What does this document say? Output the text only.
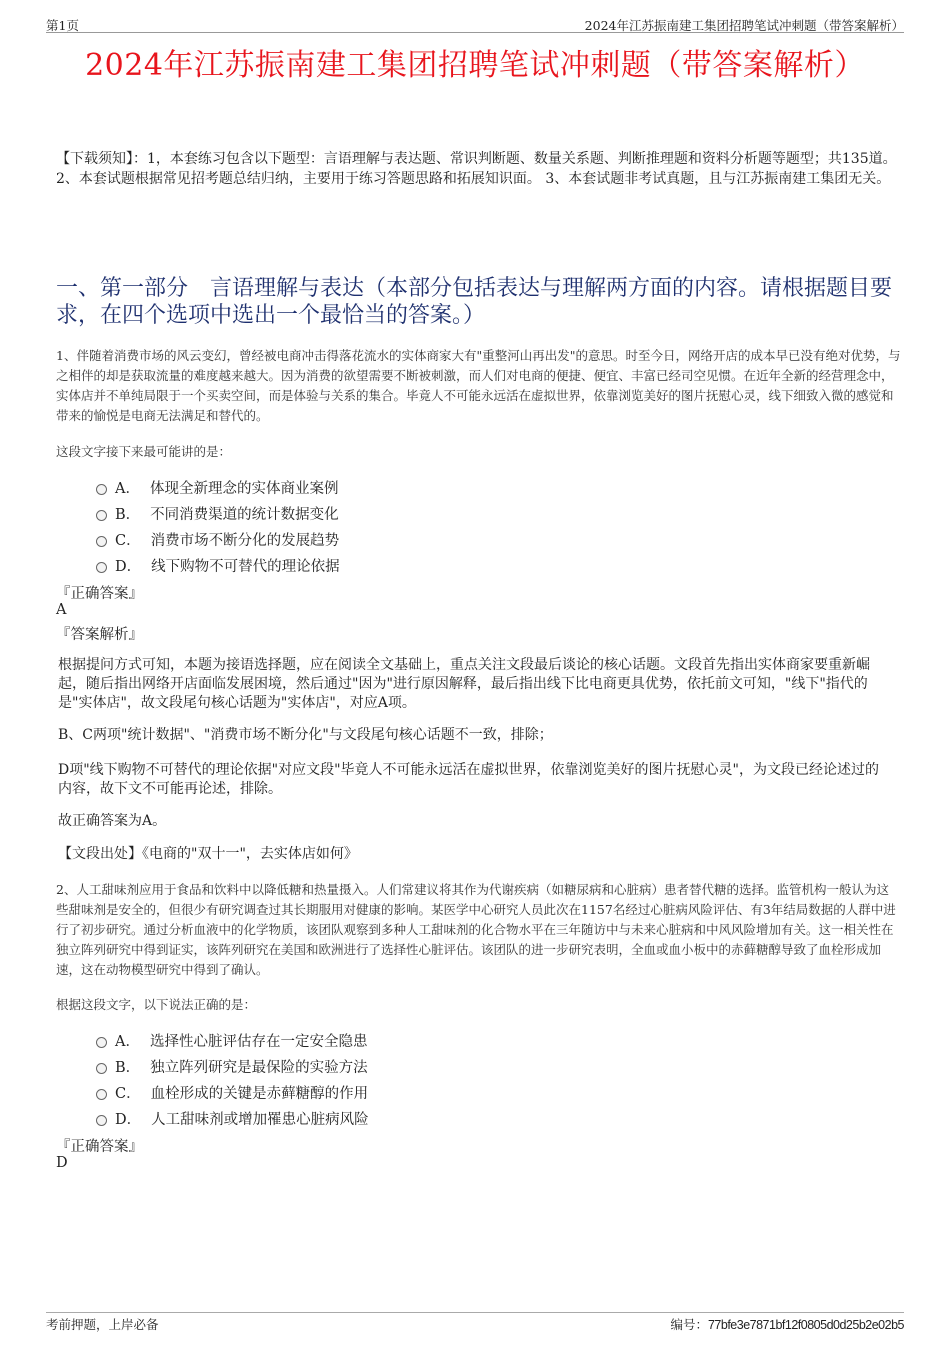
第1页	2024年江苏振南建工集团招聘笔试冲刺题（带答案解析）
2024年江苏振南建工集团招聘笔试冲刺题（带答案解析）
【下载须知】：1，本套练习包含以下题型：言语理解与表达题、常识判断题、数量关系题、判断推理题和资料分析题等题型；共135道。 2、本套试题根据常见招考题总结归纳，主要用于练习答题思路和拓展知识面。 3、本套试题非考试真题，且与江苏振南建工集团无关。
一、第一部分　言语理解与表达（本部分包括表达与理解两方面的内容。请根据题目要求，在四个选项中选出一个最恰当的答案。）
1、伴随着消费市场的风云变幻，曾经被电商冲击得落花流水的实体商家大有"重整河山再出发"的意思。时至今日，网络开店的成本早已没有绝对优势，与之相伴的却是获取流量的难度越来越大。因为消费的欲望需要不断被刺激，而人们对电商的便捷、便宜、丰富已经司空见惯。在近年全新的经营理念中，实体店并不单纯局限于一个买卖空间，而是体验与关系的集合。毕竟人不可能永远活在虚拟世界，依靠浏览美好的图片抚慰心灵，线下细致入微的感觉和带来的愉悦是电商无法满足和替代的。
这段文字接下来最可能讲的是：
A． 体现全新理念的实体商业案例
B． 不同消费渠道的统计数据变化
C． 消费市场不断分化的发展趋势
D． 线下购物不可替代的理论依据
『正确答案』
A
『答案解析』
根据提问方式可知，本题为接语选择题，应在阅读全文基础上，重点关注文段最后谈论的核心话题。文段首先指出实体商家要重新崛起，随后指出网络开店面临发展困境，然后通过"因为"进行原因解释，最后指出线下比电商更具优势，依托前文可知，"线下"指代的是"实体店"，故文段尾句核心话题为"实体店"，对应A项。
B、C两项"统计数据"、"消费市场不断分化"与文段尾句核心话题不一致，排除；
D项"线下购物不可替代的理论依据"对应文段"毕竟人不可能永远活在虚拟世界，依靠浏览美好的图片抚慰心灵"，为文段已经论述过的内容，故下文不可能再论述，排除。
故正确答案为A。
【文段出处】《电商的"双十一"，去实体店如何》
2、人工甜味剂应用于食品和饮料中以降低糖和热量摄入。人们常建议将其作为代谢疾病（如糖尿病和心脏病）患者替代糖的选择。监管机构一般认为这些甜味剂是安全的，但很少有研究调查过其长期服用对健康的影响。某医学中心研究人员此次在1157名经过心脏病风险评估、有3年结局数据的人群中进行了初步研究。通过分析血液中的化学物质，该团队观察到多种人工甜味剂的化合物水平在三年随访中与未来心脏病和中风风险增加有关。这一相关性在独立阵列研究中得到证实，该阵列研究在美国和欧洲进行了选择性心脏评估。该团队的进一步研究表明，全血或血小板中的赤藓糖醇导致了血栓形成加速，这在动物模型研究中得到了确认。
根据这段文字，以下说法正确的是：
A． 选择性心脏评估存在一定安全隐患
B． 独立阵列研究是最保险的实验方法
C． 血栓形成的关键是赤藓糖醇的作用
D． 人工甜味剂或增加罹患心脏病风险
『正确答案』
D
考前押题，上岸必备	编号：77bfe3e7871bf12f0805d0d25b2e02b5
